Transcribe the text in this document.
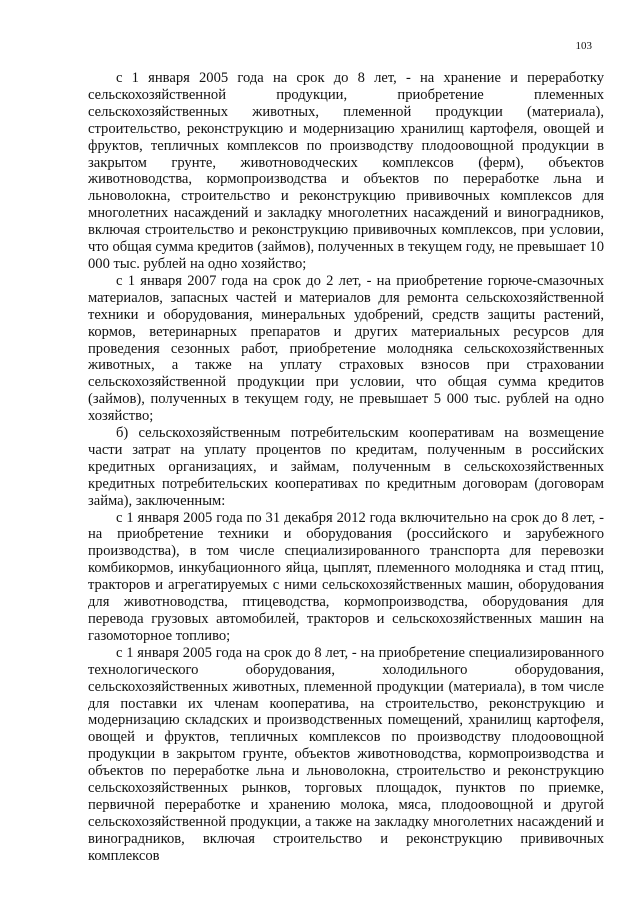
103

с 1 января 2005 года на срок до 8 лет, - на хранение и переработку сельскохозяйственной продукции, приобретение племенных сельскохозяйственных животных, племенной продукции (материала), строительство, реконструкцию и модернизацию хранилищ картофеля, овощей и фруктов, тепличных комплексов по производству плодоовощной продукции в закрытом грунте, животноводческих комплексов (ферм), объектов животноводства, кормопроизводства и объектов по переработке льна и льноволокна, строительство и реконструкцию прививочных комплексов для многолетних насаждений и закладку многолетних насаждений и виноградников, включая строительство и реконструкцию прививочных комплексов, при условии, что общая сумма кредитов (займов), полученных в текущем году, не превышает 10 000 тыс. рублей на одно хозяйство;

с 1 января 2007 года на срок до 2 лет, - на приобретение горюче-смазочных материалов, запасных частей и материалов для ремонта сельскохозяйственной техники и оборудования, минеральных удобрений, средств защиты растений, кормов, ветеринарных препаратов и других материальных ресурсов для проведения сезонных работ, приобретение молодняка сельскохозяйственных животных, а также на уплату страховых взносов при страховании сельскохозяйственной продукции при условии, что общая сумма кредитов (займов), полученных в текущем году, не превышает 5 000 тыс. рублей на одно хозяйство;

б) сельскохозяйственным потребительским кооперативам на возмещение части затрат на уплату процентов по кредитам, полученным в российских кредитных организациях, и займам, полученным в сельскохозяйственных кредитных потребительских кооперативах по кредитным договорам (договорам займа), заключенным:

с 1 января 2005 года по 31 декабря 2012 года включительно на срок до 8 лет, - на приобретение техники и оборудования (российского и зарубежного производства), в том числе специализированного транспорта для перевозки комбикормов, инкубационного яйца, цыплят, племенного молодняка и стад птиц, тракторов и агрегатируемых с ними сельскохозяйственных машин, оборудования для животноводства, птицеводства, кормопроизводства, оборудования для перевода грузовых автомобилей, тракторов и сельскохозяйственных машин на газомоторное топливо;

с 1 января 2005 года на срок до 8 лет, - на приобретение специализированного технологического оборудования, холодильного оборудования, сельскохозяйственных животных, племенной продукции (материала), в том числе для поставки их членам кооператива, на строительство, реконструкцию и модернизацию складских и производственных помещений, хранилищ картофеля, овощей и фруктов, тепличных комплексов по производству плодоовощной продукции в закрытом грунте, объектов животноводства, кормопроизводства и объектов по переработке льна и льноволокна, строительство и реконструкцию сельскохозяйственных рынков, торговых площадок, пунктов по приемке, первичной переработке и хранению молока, мяса, плодоовощной и другой сельскохозяйственной продукции, а также на закладку многолетних насаждений и виноградников, включая строительство и реконструкцию прививочных комплексов
